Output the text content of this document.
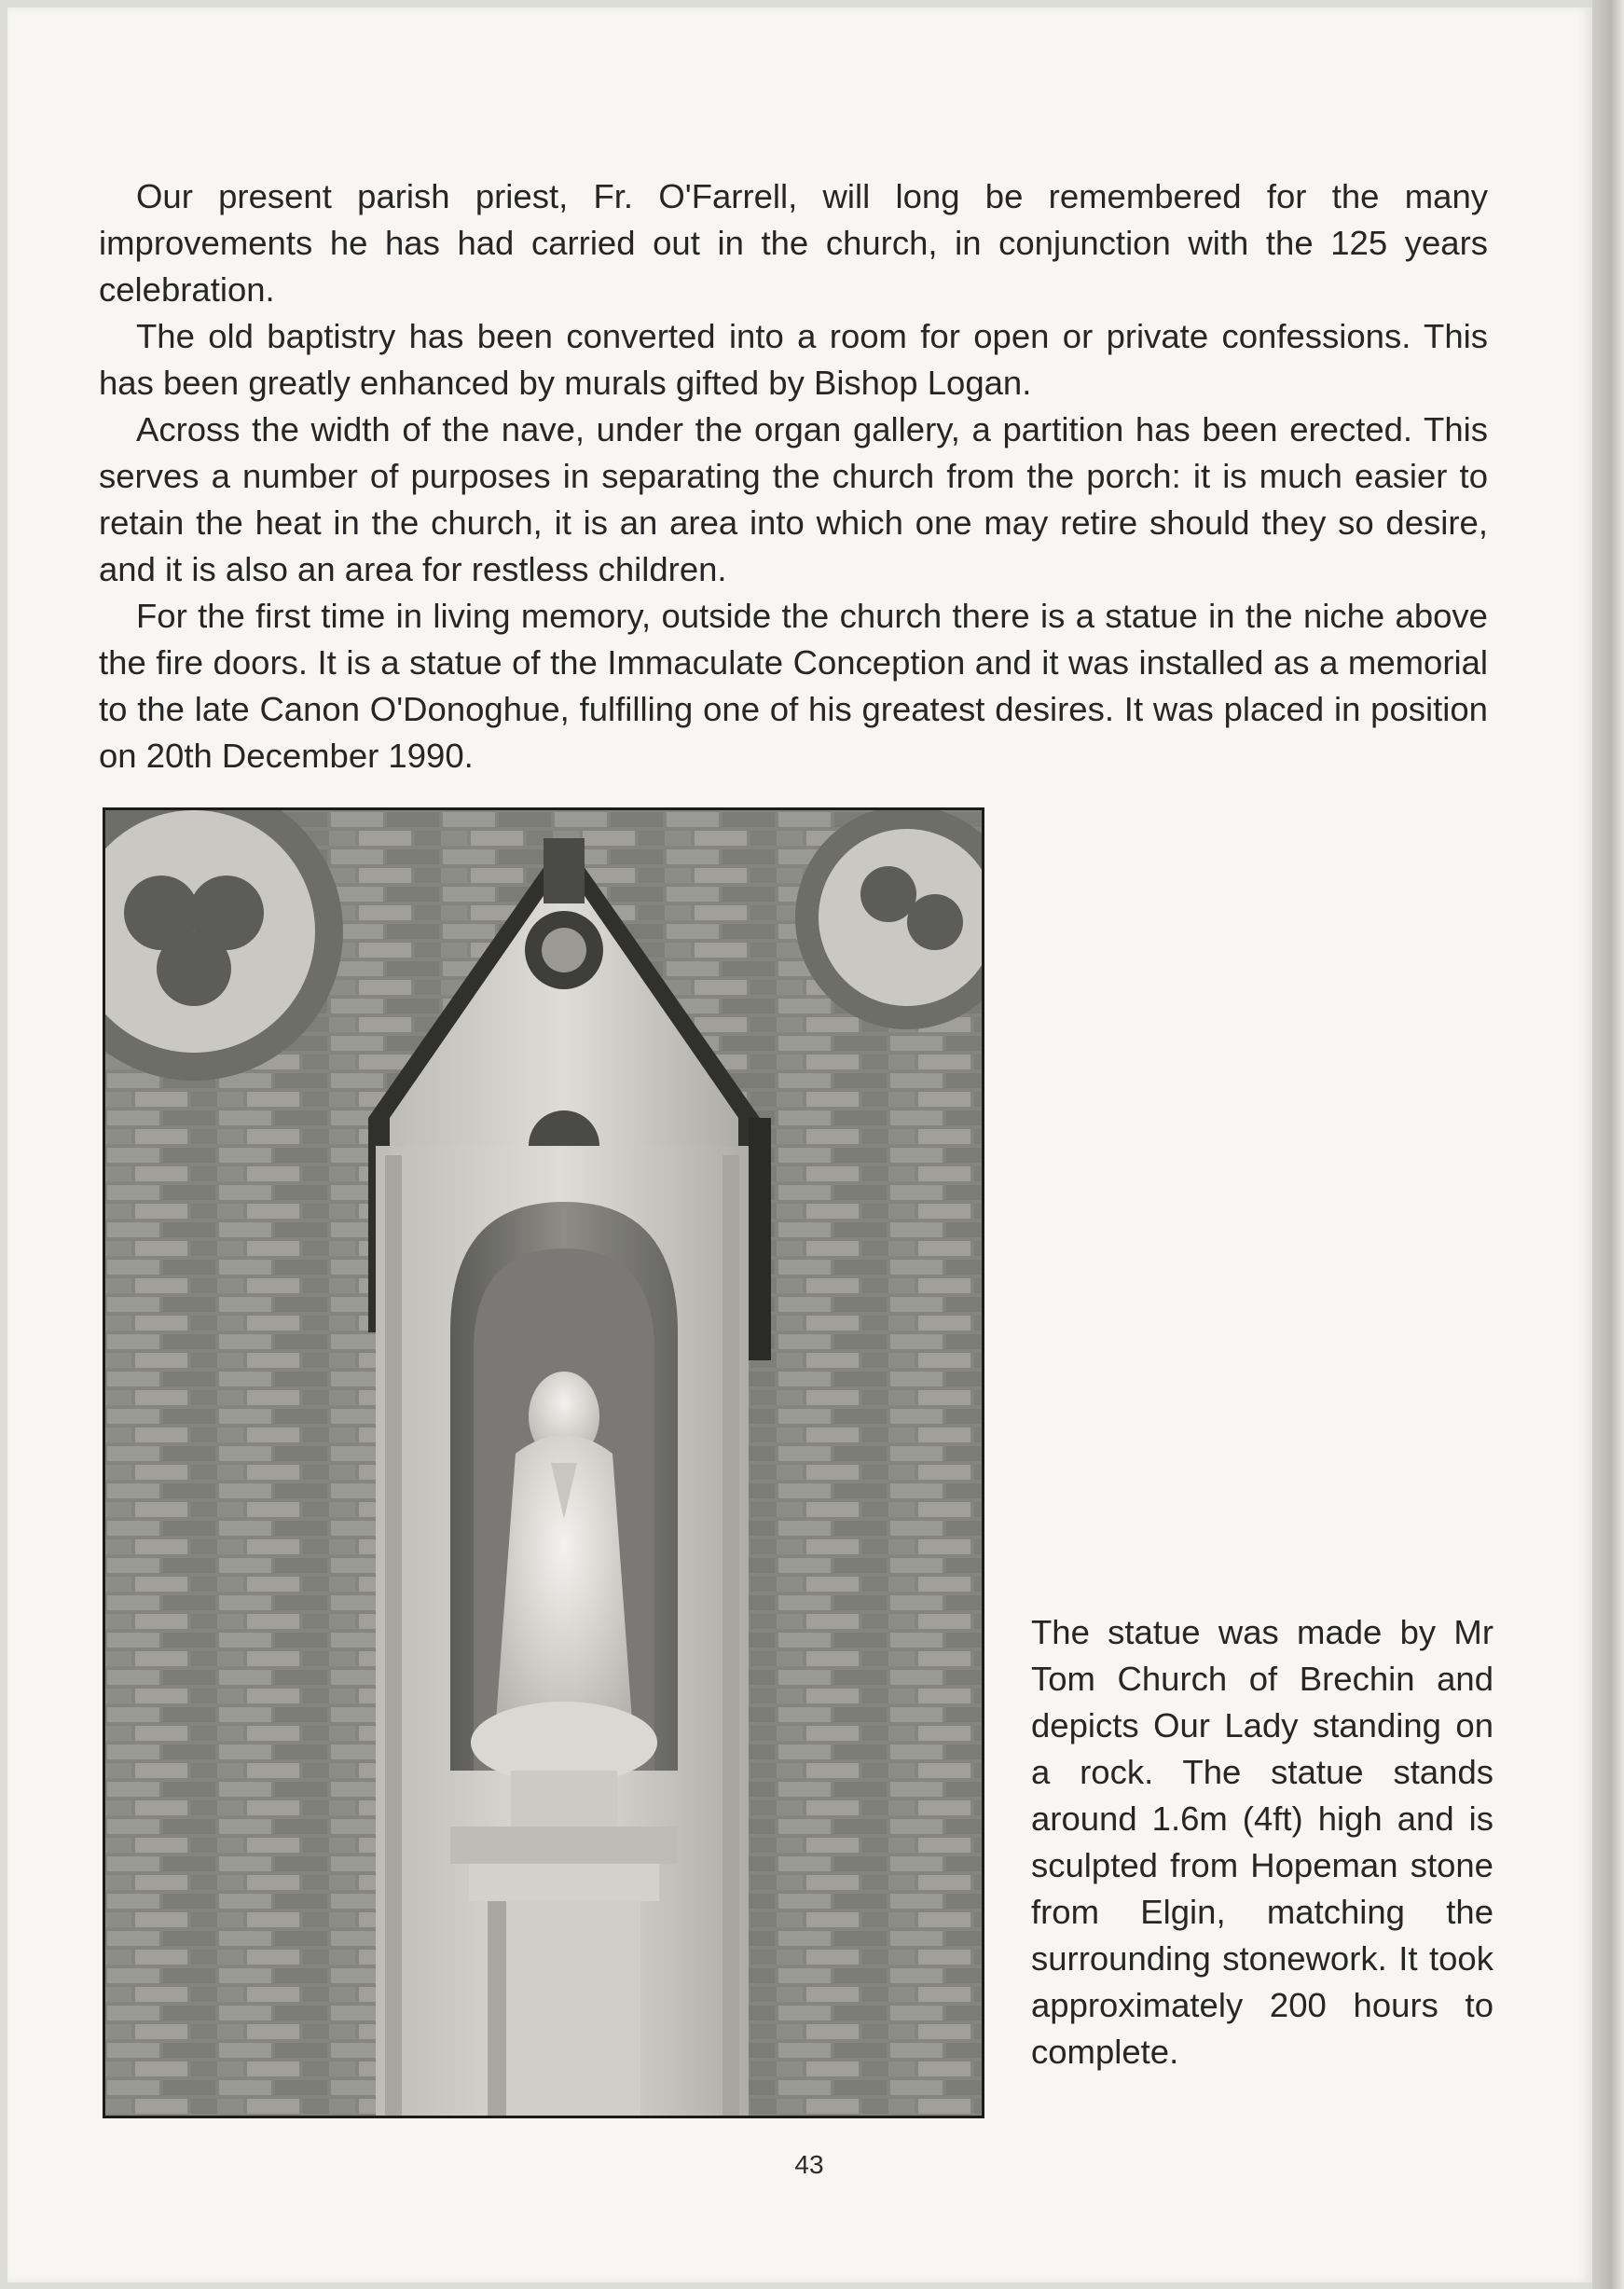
Our present parish priest, Fr. O'Farrell, will long be remembered for the many improvements he has had carried out in the church, in conjunction with the 125 years celebration.

The old baptistry has been converted into a room for open or private confessions. This has been greatly enhanced by murals gifted by Bishop Logan.

Across the width of the nave, under the organ gallery, a partition has been erected. This serves a number of purposes in separating the church from the porch: it is much easier to retain the heat in the church, it is an area into which one may retire should they so desire, and it is also an area for restless children.

For the first time in living memory, outside the church there is a statue in the niche above the fire doors. It is a statue of the Immaculate Conception and it was installed as a memorial to the late Canon O'Donoghue, fulfilling one of his greatest desires. It was placed in position on 20th December 1990.

The statue was made by Mr Tom Church of Brechin and depicts Our Lady standing on a rock. The statue stands around 1.6m (4ft) high and is sculpted from Hopeman stone from Elgin, matching the surrounding stonework. It took approximately 200 hours to complete.

43
